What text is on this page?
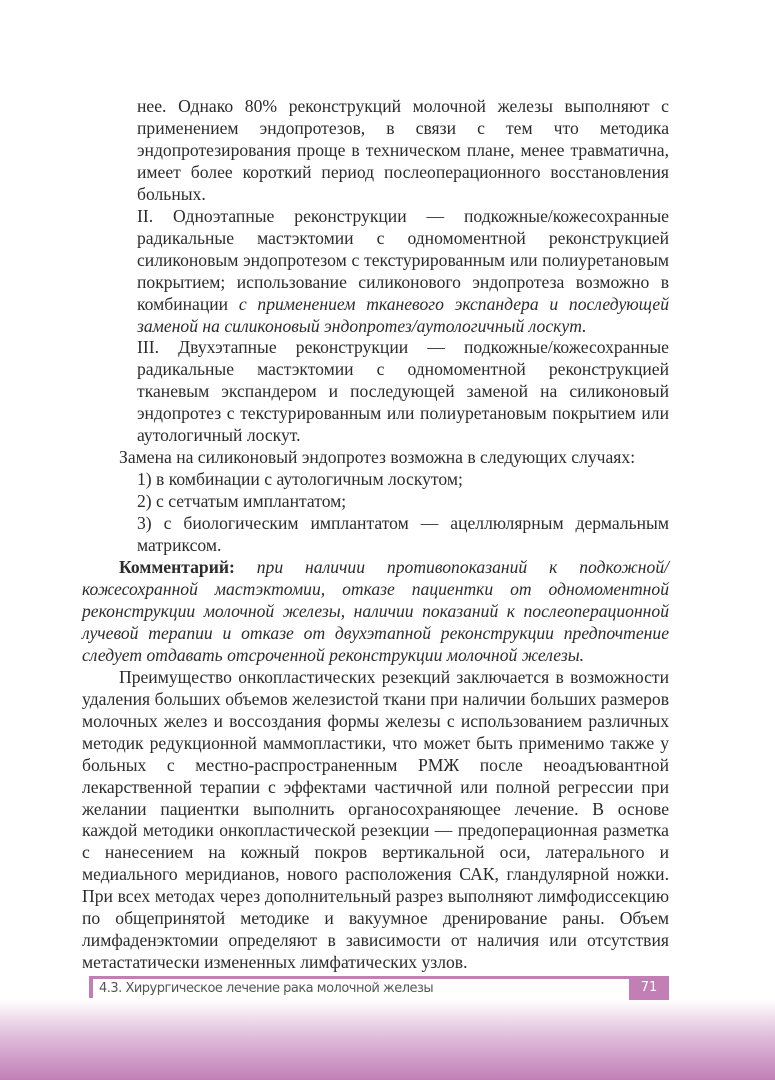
нее. Однако 80% реконструкций молочной железы выполняют с применением эндопротезов, в связи с тем что методика эндопротезирования проще в техническом плане, менее травматична, имеет более короткий период послеоперационного восстановления больных.

II. Одноэтапные реконструкции — подкожные/кожесохранные радикальные мастэктомии с одномоментной реконструкцией силиконовым эндопротезом с текстурированным или полиуретановым покрытием; использование силиконового эндопротеза возможно в комбинации с применением тканевого экспандера и последующей заменой на силиконовый эндопротез/аутологичный лоскут.

III. Двухэтапные реконструкции — подкожные/кожесохранные радикальные мастэктомии с одномоментной реконструкцией тканевым экспандером и последующей заменой на силиконовый эндопротез с текстурированным или полиуретановым покрытием или аутологичный лоскут.

Замена на силиконовый эндопротез возможна в следующих случаях:

1) в комбинации с аутологичным лоскутом;

2) с сетчатым имплантатом;

3) с биологическим имплантатом — ацеллюлярным дермальным матриксом.

Комментарий: при наличии противопоказаний к подкожной/кожесохранной мастэктомии, отказе пациентки от одномоментной реконструкции молочной железы, наличии показаний к послеоперационной лучевой терапии и отказе от двухэтапной реконструкции предпочтение следует отдавать отсроченной реконструкции молочной железы.

Преимущество онкопластических резекций заключается в возможности удаления больших объемов железистой ткани при наличии больших размеров молочных желез и воссоздания формы железы с использованием различных методик редукционной маммопластики, что может быть применимо также у больных с местно-распространенным РМЖ после неоадъювантной лекарственной терапии с эффектами частичной или полной регрессии при желании пациентки выполнить органосохраняющее лечение. В основе каждой методики онкопластической резекции — предоперационная разметка с нанесением на кожный покров вертикальной оси, латерального и медиального меридианов, нового расположения САК, гландулярной ножки. При всех методах через дополнительный разрез выполняют лимфодиссекцию по общепринятой методике и вакуумное дренирование раны. Объем лимфаденэктомии определяют в зависимости от наличия или отсутствия метастатически измененных лимфатических узлов.

4.3. Хирургическое лечение рака молочной железы	71
